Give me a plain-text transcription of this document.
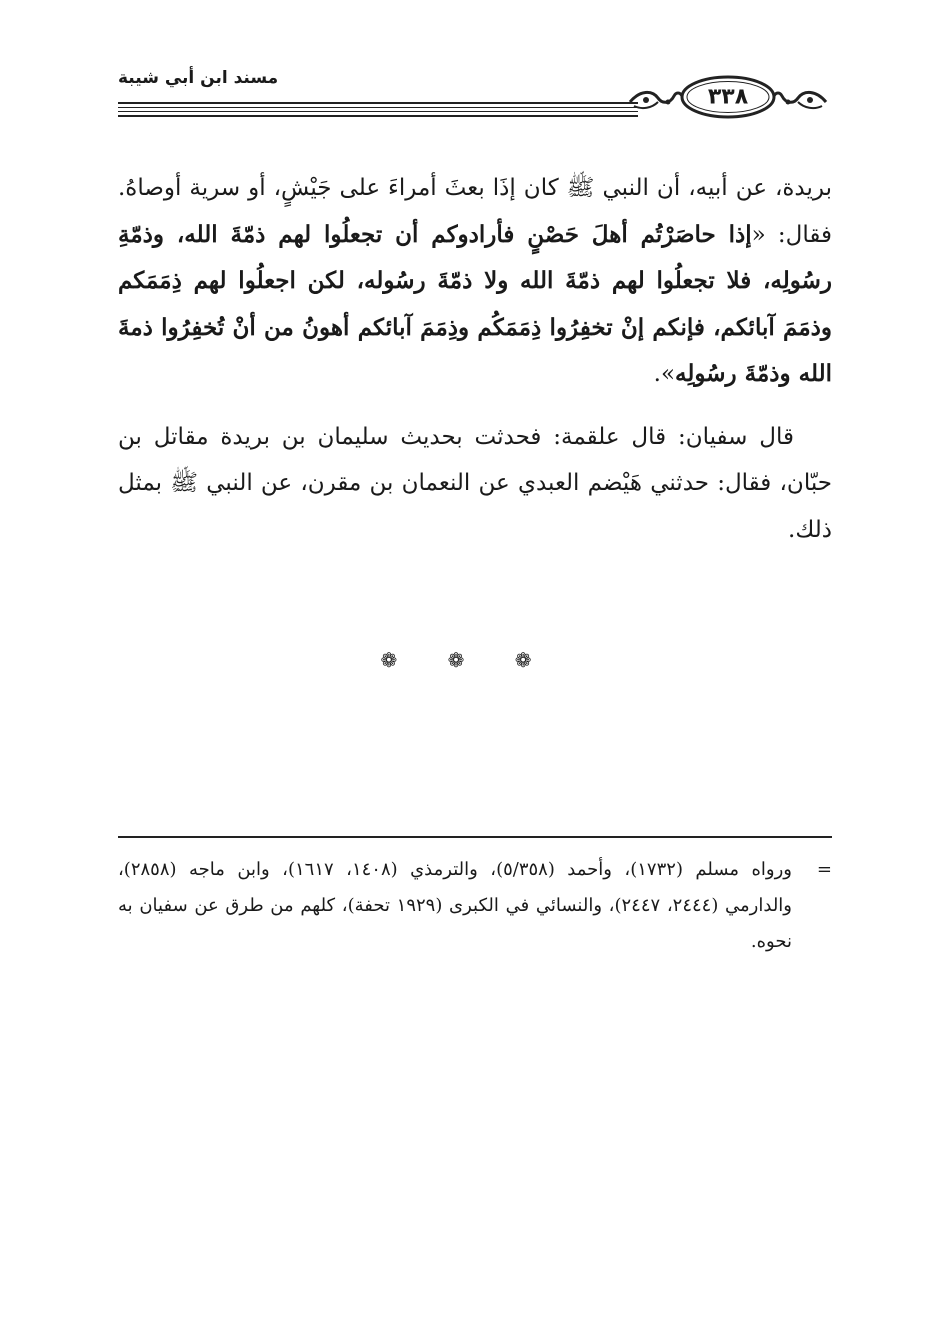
مسند ابن أبي شيبة
٣٣٨

بريدة، عن أبيه، أن النبي ﷺ كان إذَا بعثَ أمراءَ على جَيْشٍ، أو سرية أوصاهُ. فقال: «إذا حاصَرْتُم أهلَ حَصْنٍ فأرادوكم أن تجعلُوا لهم ذمّةَ الله، وذمّةِ رسُولِه، فلا تجعلُوا لهم ذمّةَ الله ولا ذمّةَ رسُوله، لكن اجعلُوا لهم ذِمَمَكم وذمَمَ آبائكم، فإنكم إنْ تخفِرُوا ذِمَمَكُم وذِمَمَ آبائكم أهونُ من أنْ تُخفِرُوا ذمةَ الله وذمّةَ رسُولِه».

قال سفيان: قال علقمة: فحدثت بحديث سليمان بن بريدة مقاتل بن حبّان، فقال: حدثني هَيْضم العبدي عن النعمان بن مقرن، عن النبي ﷺ بمثل ذلك.

❁ ❁ ❁
=
ورواه مسلم (١٧٣٢)، وأحمد (٥/٣٥٨)، والترمذي (١٤٠٨، ١٦١٧)، وابن ماجه (٢٨٥٨)، والدارمي (٢٤٤٤، ٢٤٤٧)، والنسائي في الكبرى (١٩٢٩ تحفة)، كلهم من طرق عن سفيان به نحوه.
